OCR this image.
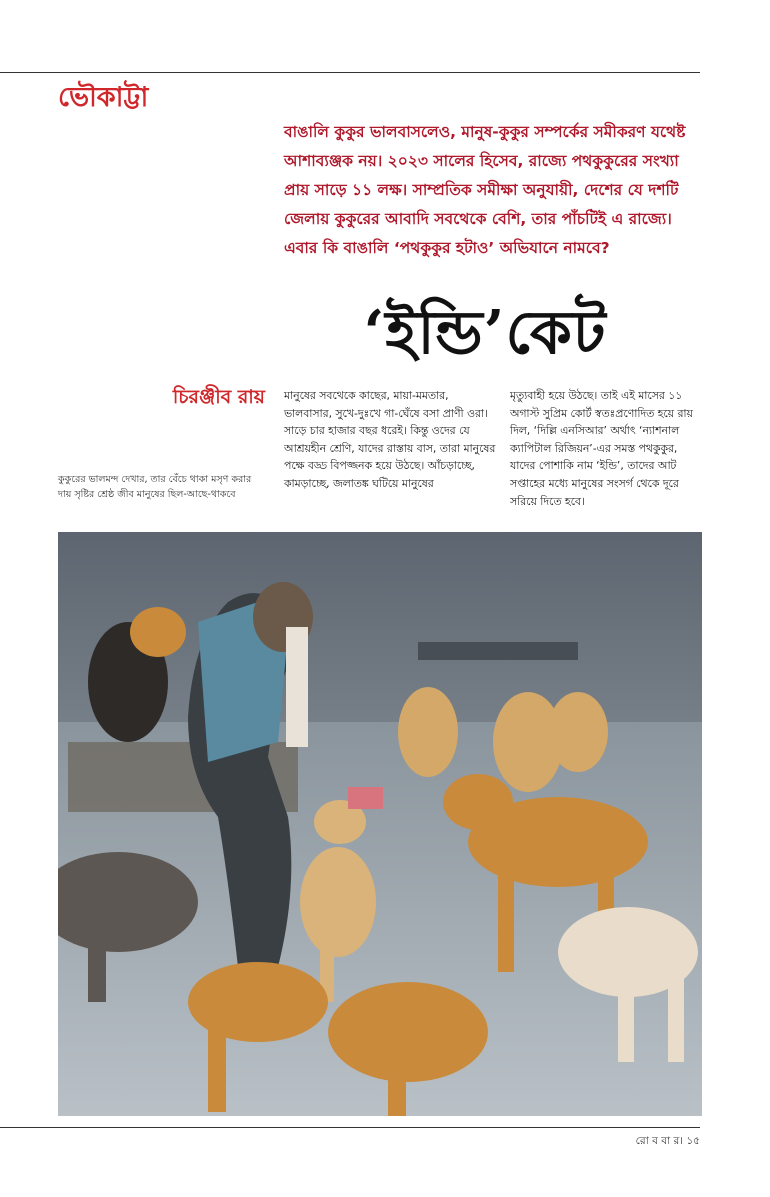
ভৌকাট্টা

বাঙালি কুকুর ভালবাসলেও, মানুষ-কুকুর সম্পর্কের সমীকরণ যথেষ্ট আশাব্যঞ্জক নয়। ২০২৩ সালের হিসেব, রাজ্যে পথকুকুরের সংখ্যা প্রায় সাড়ে ১১ লক্ষ। সাম্প্রতিক সমীক্ষা অনুযায়ী, দেশের যে দশটি জেলায় কুকুরের আবাদি সবথেকে বেশি, তার পাঁচটিই এ রাজ্যে। এবার কি বাঙালি ‘পথকুকুর হটাও’ অভিযানে নামবে?

‘ইন্ডি’কেট
চিরঞ্জীব রায়

কুকুরের ভালমন্দ দেখার, তার বেঁচে থাকা মসৃণ করার দায় সৃষ্টির শ্রেষ্ঠ জীব মানুষের ছিল-আছে-থাকবে

মানুষের সবথেকে কাছের, মায়া-মমতার, ভালবাসার, সুখে-দুঃখে গা-ঘেঁষে বসা প্রাণী ওরা। সাড়ে চার হাজার বছর ধরেই। কিন্তু ওদের যে আশ্রয়হীন শ্রেণি, যাদের রাস্তায় বাস, তারা মানুষের পক্ষে বড্ড বিপজ্জনক হয়ে উঠছে। আঁচড়াচ্ছে, কামড়াচ্ছে, জলাতঙ্ক ঘটিয়ে মানুষের

মৃত্যুবাহী হয়ে উঠছে। তাই এই মাসের ১১ অগাস্ট সুপ্রিম কোর্ট স্বতঃপ্রণোদিত হয়ে রায় দিল, ‘দিল্লি এনসিআর’ অর্থাৎ ‘ন্যাশনাল ক্যাপিটাল রিজিয়ন’-এর সমস্ত পথকুকুর, যাদের পোশাকি নাম ‘ইন্ডি’, তাদের আট সপ্তাহের মধ্যে মানুষের সংসর্গ থেকে দূরে সরিয়ে দিতে হবে।

রো ব বা র। ১৫
